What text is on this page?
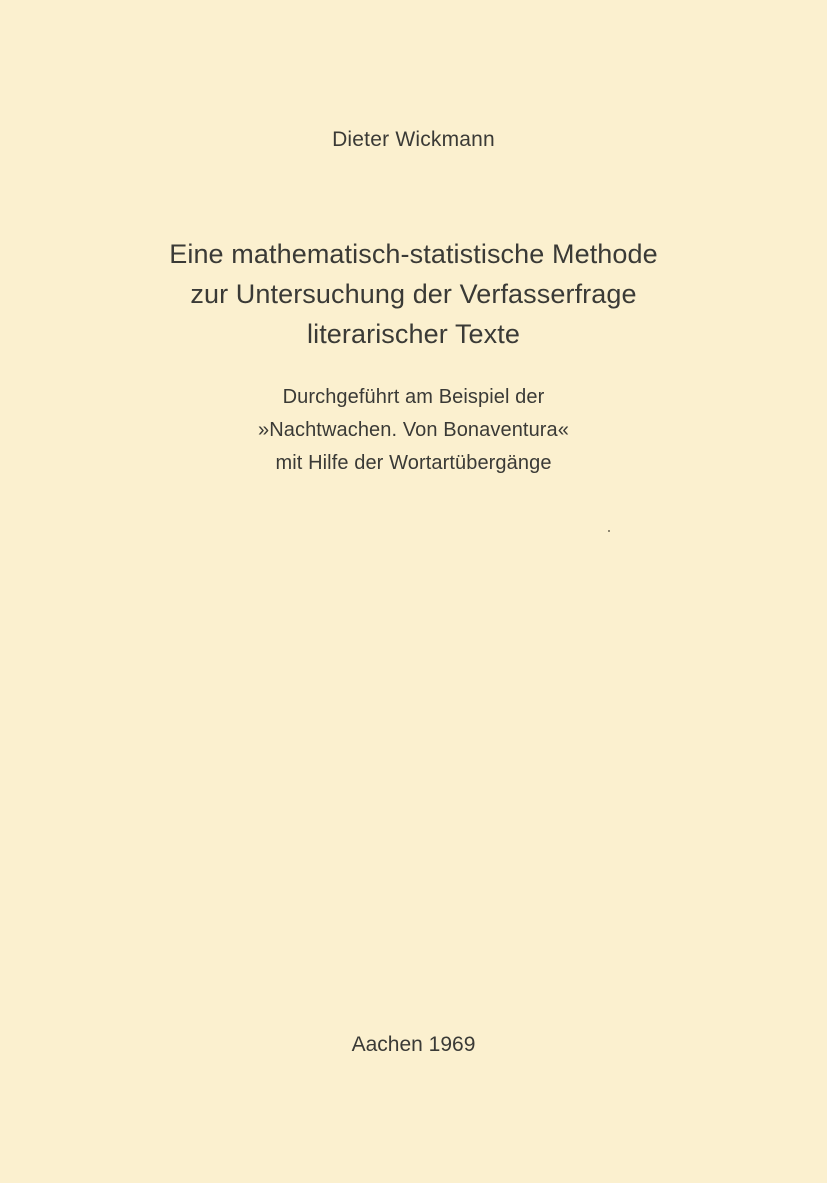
Dieter Wickmann
Eine mathematisch-statistische Methode
zur Untersuchung der Verfasserfrage
literarischer Texte
Durchgeführt am Beispiel der
»Nachtwachen. Von Bonaventura«
mit Hilfe der Wortartübergänge
Aachen 1969
